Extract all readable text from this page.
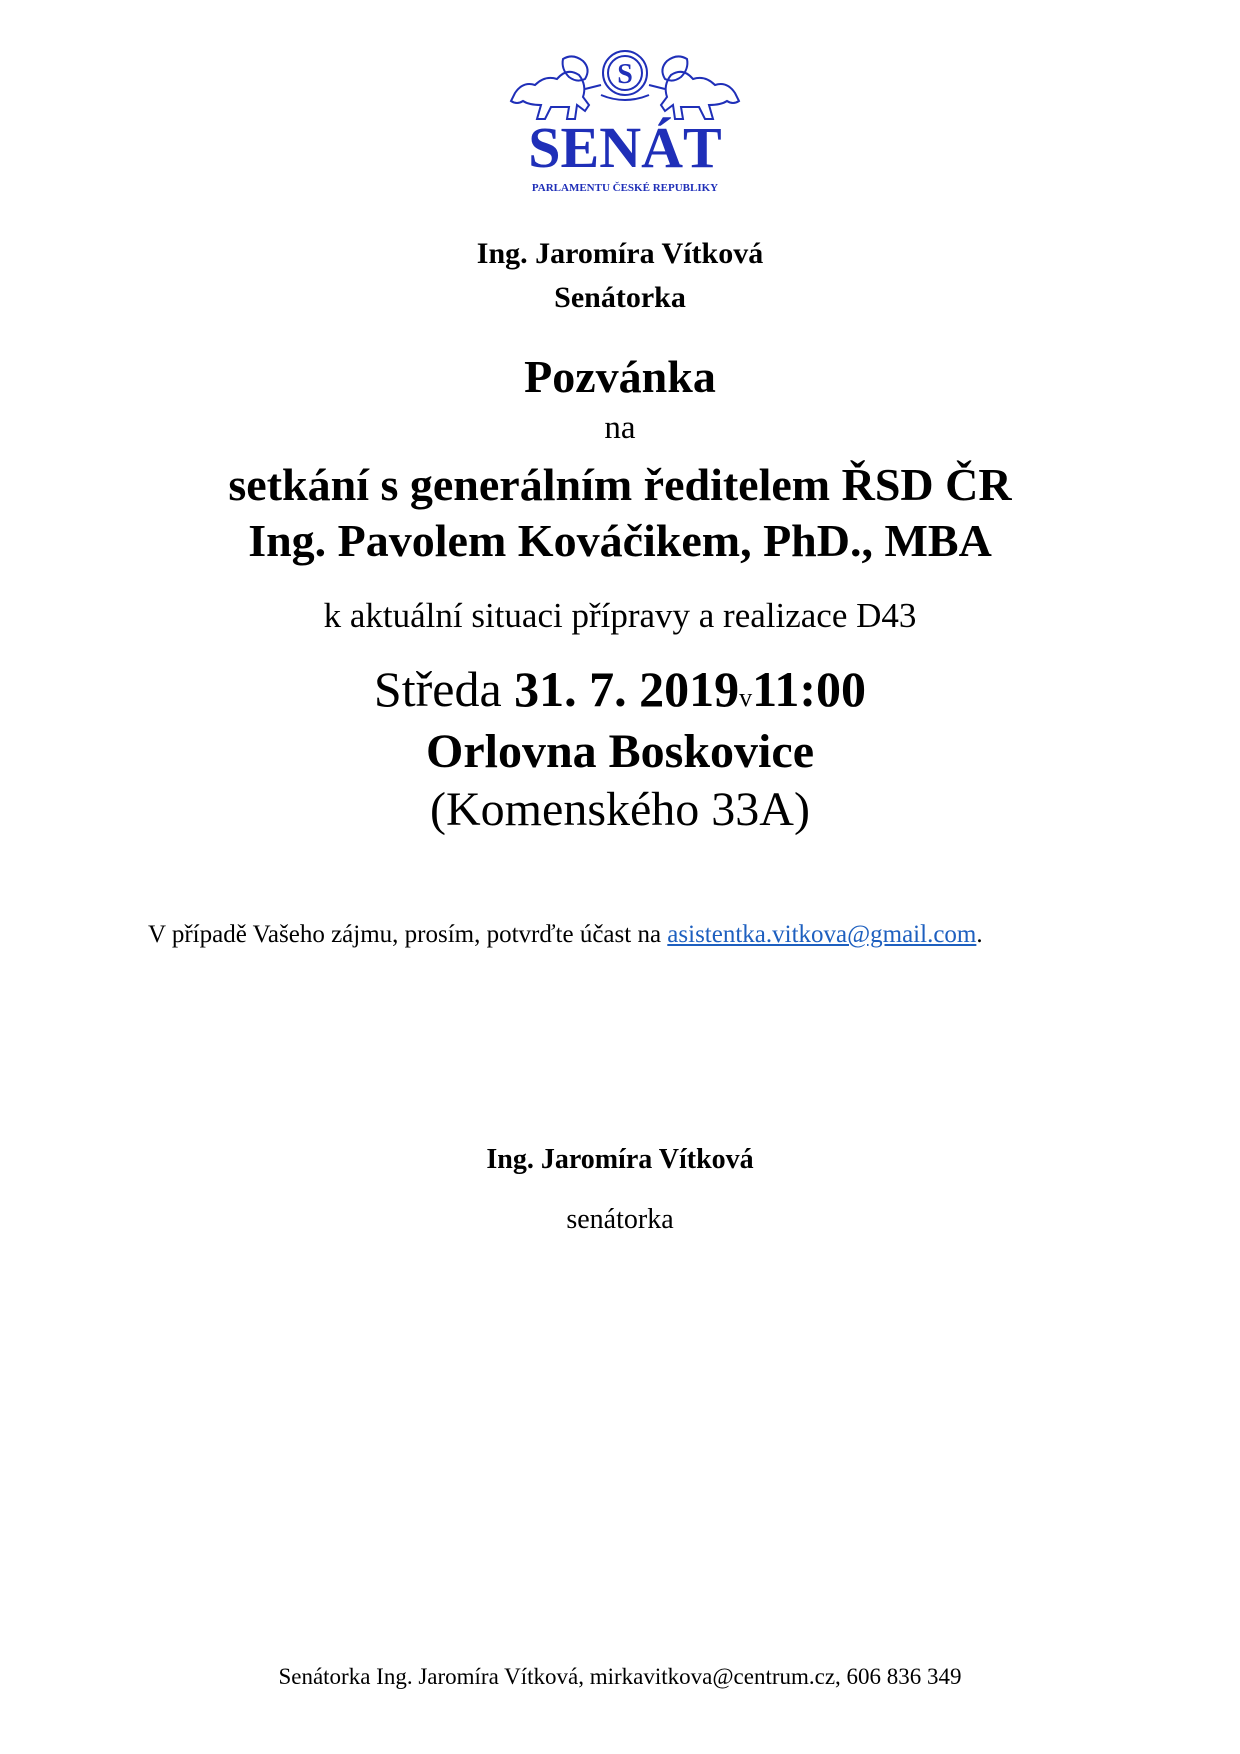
S
SENÁT
PARLAMENTU ČESKÉ REPUBLIKY
Ing. Jaromíra Vítková
Senátorka
Pozvánka
na
setkání s generálním ředitelem ŘSD ČR
Ing. Pavolem Kováčikem, PhD., MBA
k aktuální situaci přípravy a realizace D43
Středa 31. 7. 2019v11:00
Orlovna Boskovice
(Komenského 33A)
V případě Vašeho zájmu, prosím, potvrďte účast na asistentka.vitkova@gmail.com.
Ing. Jaromíra Vítková
senátorka
Senátorka Ing. Jaromíra Vítková, mirkavitkova@centrum.cz, 606 836 349
